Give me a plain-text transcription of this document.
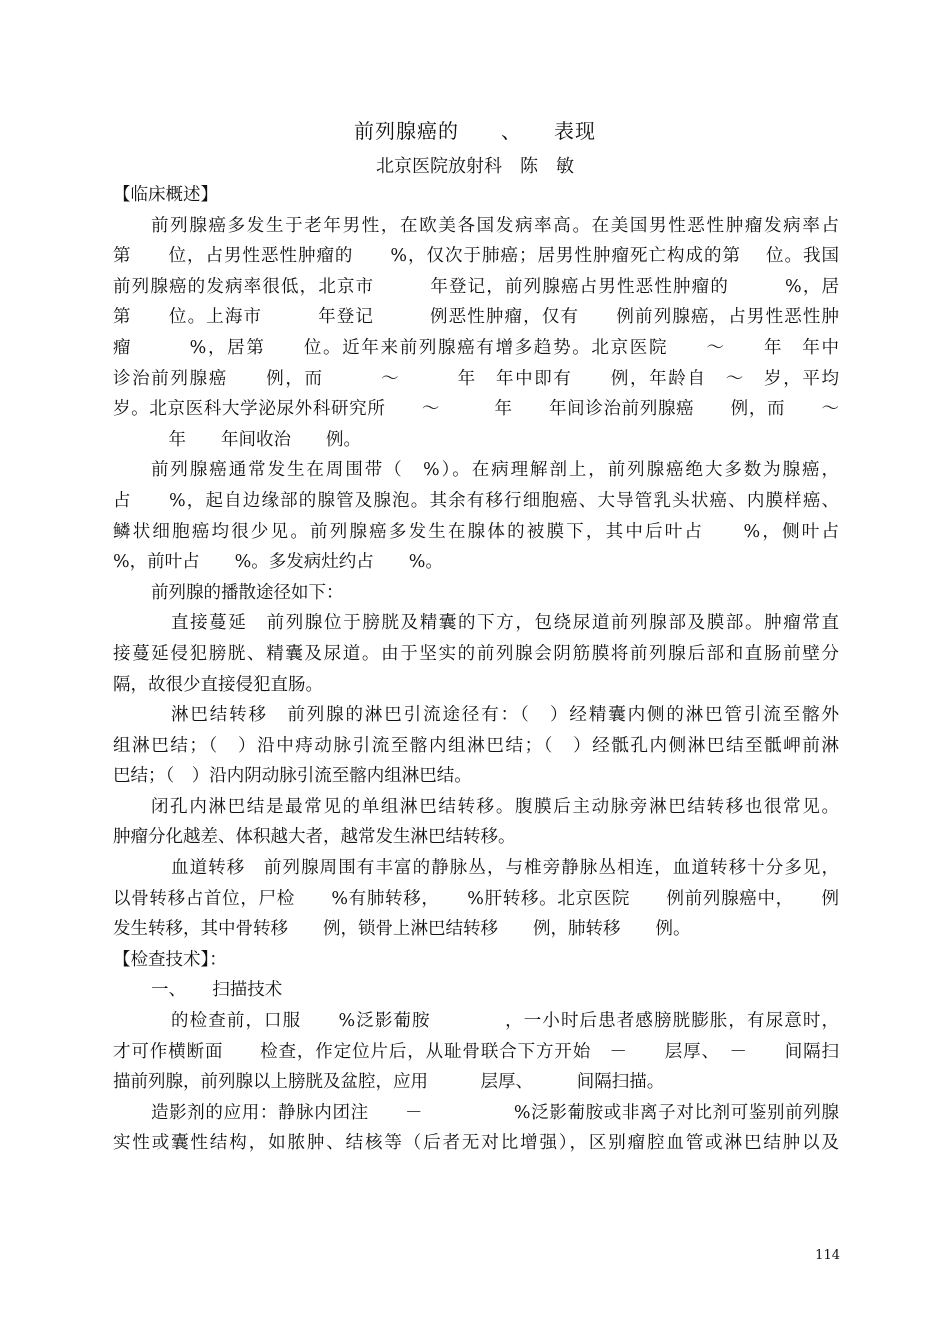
前列腺癌的　　、　　表现
北京医院放射科　陈　敏
【临床概述】
前列腺癌多发生于老年男性，在欧美各国发病率高。在美国男性恶性肿瘤发病率占
第　　位，占男性恶性肿瘤的　　%，仅次于肺癌；居男性肿瘤死亡构成的第　 位。我国
前列腺癌的发病率很低，北京市　　　年登记，前列腺癌占男性恶性肿瘤的　　　%，居
第　　位。上海市　　　年登记　　　例恶性肿瘤，仅有　　例前列腺癌，占男性恶性肿
瘤　　　%，居第　　位。近年来前列腺癌有增多趋势。北京医院　　～　　年　年中
诊治前列腺癌　　例，而　　　～　　　年　年中即有　　例，年龄自　～　岁，平均
岁。北京医科大学泌尿外科研究所　　～　　　年　　年间诊治前列腺癌　　例，而　　～
　年　　年间收治　　例。
前列腺癌通常发生在周围带（　%）。在病理解剖上，前列腺癌绝大多数为腺癌，
占　　%，起自边缘部的腺管及腺泡。其余有移行细胞癌、大导管乳头状癌、内膜样癌、
鳞状细胞癌均很少见。前列腺癌多发生在腺体的被膜下，其中后叶占　　%，侧叶占
%，前叶占　　%。多发病灶约占　　%。
前列腺的播散途径如下：
直接蔓延　前列腺位于膀胱及精囊的下方，包绕尿道前列腺部及膜部。肿瘤常直
接蔓延侵犯膀胱、精囊及尿道。由于坚实的前列腺会阴筋膜将前列腺后部和直肠前壁分
隔，故很少直接侵犯直肠。
淋巴结转移　前列腺的淋巴引流途径有：（　）经精囊内侧的淋巴管引流至髂外
组淋巴结；（　）沿中痔动脉引流至髂内组淋巴结；（　）经骶孔内侧淋巴结至骶岬前淋
巴结；（　）沿内阴动脉引流至髂内组淋巴结。
闭孔内淋巴结是最常见的单组淋巴结转移。腹膜后主动脉旁淋巴结转移也很常见。
肿瘤分化越差、体积越大者，越常发生淋巴结转移。
血道转移　前列腺周围有丰富的静脉丛，与椎旁静脉丛相连，血道转移十分多见，
以骨转移占首位，尸检　　%有肺转移，　　%肝转移。北京医院　　例前列腺癌中，　　例
发生转移，其中骨转移　　例，锁骨上淋巴结转移　　例，肺转移　　例。
【检查技术】：
一、　　扫描技术
的检查前，口服　　%泛影葡胺　　　　，一小时后患者感膀胱膨胀，有尿意时，
才可作横断面　　检查，作定位片后，从耻骨联合下方开始　－　　层厚、　－　　间隔扫
描前列腺，前列腺以上膀胱及盆腔，应用　　　层厚、　　　间隔扫描。
造影剂的应用：静脉内团注　　－　　　　　%泛影葡胺或非离子对比剂可鉴别前列腺
实性或囊性结构，如脓肿、结核等（后者无对比增强），区别瘤腔血管或淋巴结肿以及
114
